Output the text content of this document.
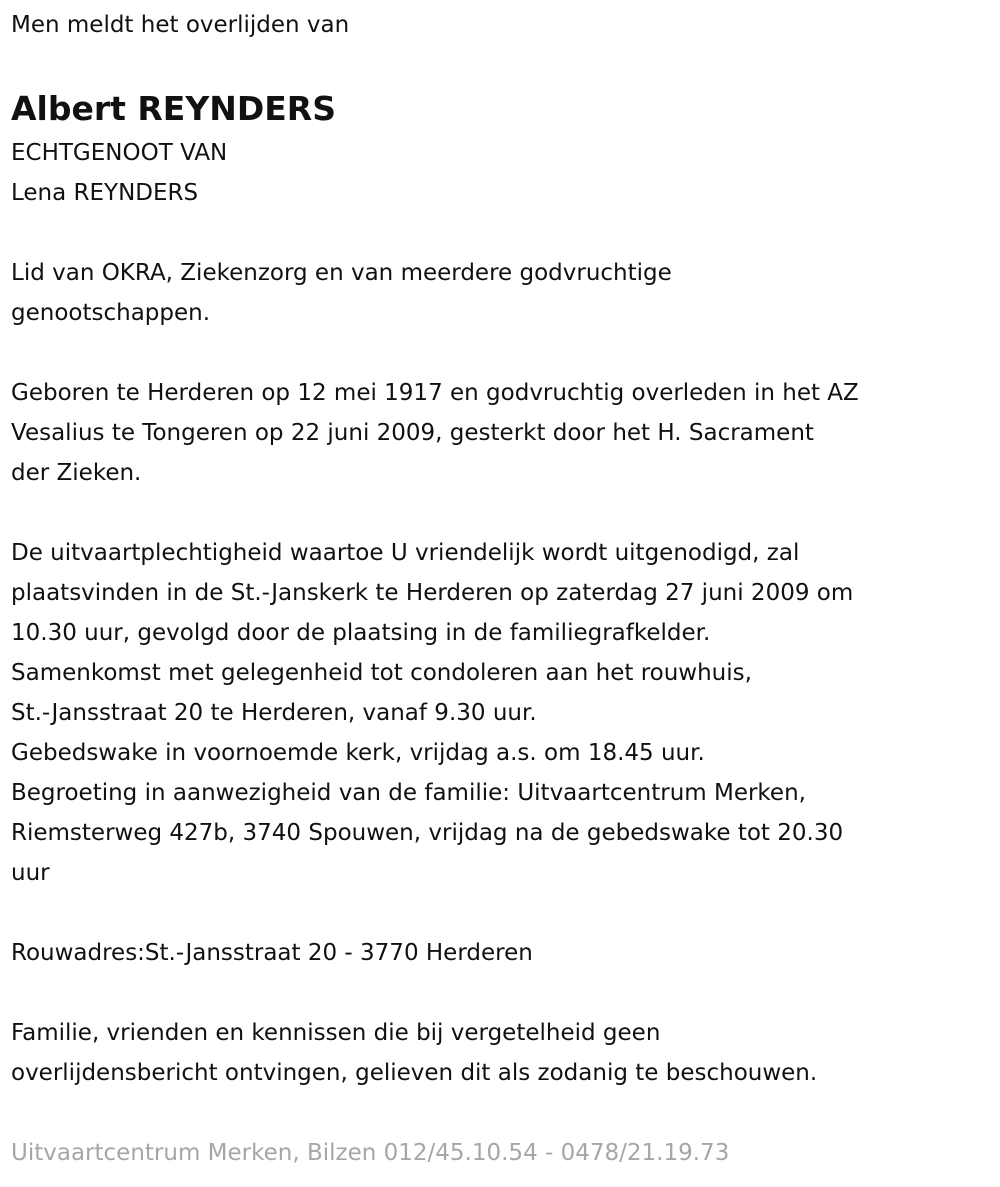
Men meldt het overlijden van
Albert REYNDERS
ECHTGENOOT VAN
Lena REYNDERS
Lid van OKRA, Ziekenzorg en van meerdere godvruchtige
genootschappen.
Geboren te Herderen op 12 mei 1917 en godvruchtig overleden in het AZ
Vesalius te Tongeren op 22 juni 2009, gesterkt door het H. Sacrament
der Zieken.
De uitvaartplechtigheid waartoe U vriendelijk wordt uitgenodigd, zal
plaatsvinden in de St.-Janskerk te Herderen op zaterdag 27 juni 2009 om
10.30 uur, gevolgd door de plaatsing in de familiegrafkelder.
Samenkomst met gelegenheid tot condoleren aan het rouwhuis,
St.-Jansstraat 20 te Herderen, vanaf 9.30 uur.
Gebedswake in voornoemde kerk, vrijdag a.s. om 18.45 uur.
Begroeting in aanwezigheid van de familie: Uitvaartcentrum Merken,
Riemsterweg 427b, 3740 Spouwen, vrijdag na de gebedswake tot 20.30
uur
Rouwadres:St.-Jansstraat 20 - 3770 Herderen
Familie, vrienden en kennissen die bij vergetelheid geen
overlijdensbericht ontvingen, gelieven dit als zodanig te beschouwen.
Uitvaartcentrum Merken, Bilzen 012/45.10.54 - 0478/21.19.73
